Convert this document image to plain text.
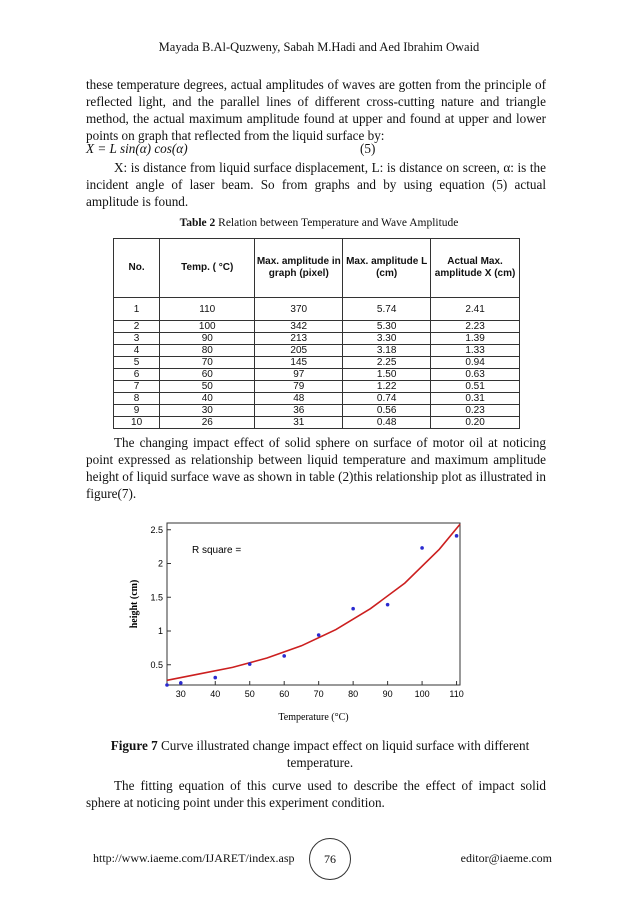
Mayada B.Al-Quzweny, Sabah M.Hadi and Aed Ibrahim Owaid
these temperature degrees, actual amplitudes of waves are gotten from the principle of reflected light, and the parallel lines of different cross-cutting nature and triangle method, the actual maximum amplitude found at upper and found at upper and lower points on graph that reflected from the liquid surface by:
X = L sin(α) cos(α)	(5)
X: is distance from liquid surface displacement, L: is distance on screen, α: is the incident angle of laser beam. So from graphs and by using equation (5) actual amplitude is found.
Table 2 Relation between Temperature and Wave Amplitude
No.	Temp. ( °C)	Max. amplitude in graph (pixel)	Max. amplitude L (cm)	Actual Max. amplitude X (cm)
1	110	370	5.74	2.41
2	100	342	5.30	2.23
3	90	213	3.30	1.39
4	80	205	3.18	1.33
5	70	145	2.25	0.94
6	60	97	1.50	0.63
7	50	79	1.22	0.51
8	40	48	0.74	0.31
9	30	36	0.56	0.23
10	26	31	0.48	0.20
The changing impact effect of solid sphere on surface of motor oil at noticing point expressed as relationship between liquid temperature and maximum amplitude height of liquid surface wave as shown in table (2)this relationship plot as illustrated in figure(7).
30	40	50	60	70	80	90 100 110
0.5
1
1.5
2
2.5
R square =
Temperature (°C)
height (cm)
Figure 7 Curve illustrated change impact effect on liquid surface with different temperature.
http://www.iaeme.com/IJARET/index.asp	76	editor@iaeme.com
The fitting equation of this curve used to describe the effect of impact solid sphere at noticing point under this experiment condition.
